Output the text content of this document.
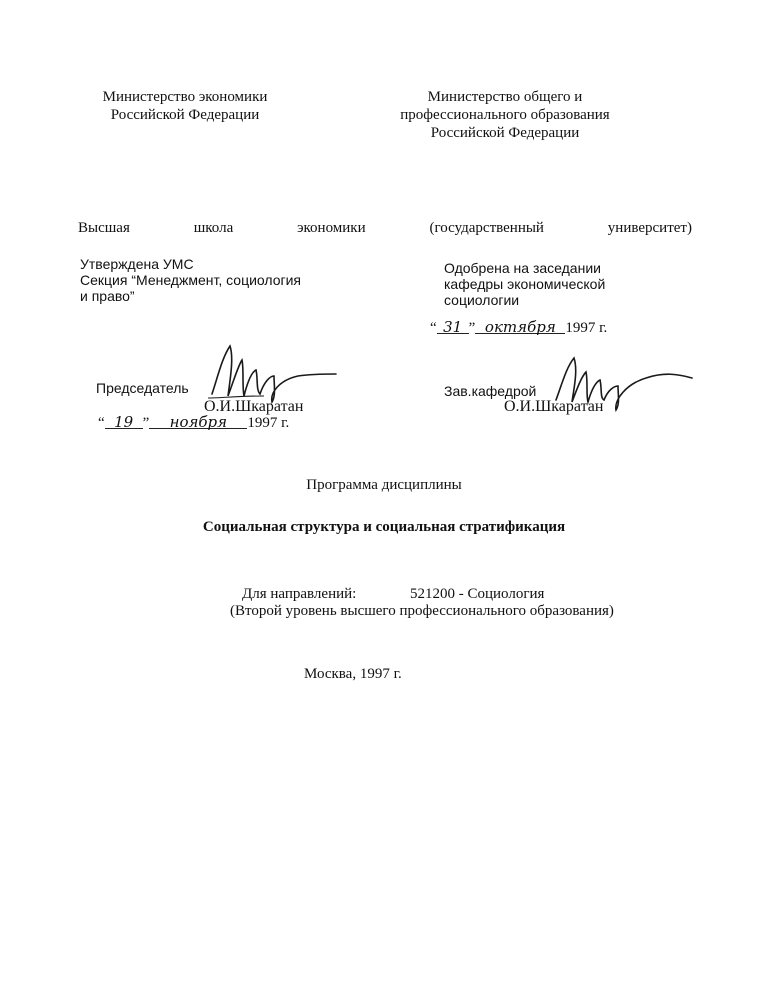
Министерство экономики
Российской Федерации
Министерство общего и
профессионального образования
Российской Федерации
Высшая	школа	экономики	(государственный	университет)
Утверждена УМС
Секция “Менеджмент, социология
и право”
Одобрена на заседании
кафедры экономической
социологии
“ 31 ” октября 1997 г.
Председатель
О.И.Шкаратан
“ 19 ” ноября 1997 г.
Зав.кафедрой
О.И.Шкаратан
Программа дисциплины
Социальная структура и социальная стратификация
Для направлений:	521200 - Социология
(Второй уровень высшего профессионального образования)
Москва, 1997 г.
